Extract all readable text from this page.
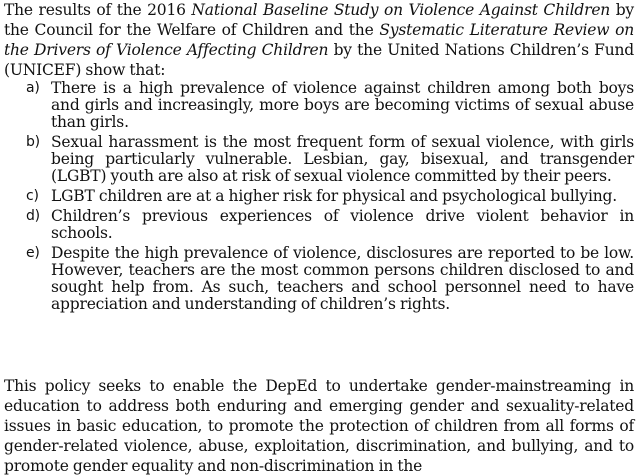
The results of the 2016 National Baseline Study on Violence Against Children by the Council for the Welfare of Children and the Systematic Literature Review on the Drivers of Violence Affecting Children by the United Nations Children’s Fund (UNICEF) show that:

a) There is a high prevalence of violence against children among both boys and girls and increasingly, more boys are becoming victims of sexual abuse than girls.
b) Sexual harassment is the most frequent form of sexual violence, with girls being particularly vulnerable. Lesbian, gay, bisexual, and transgender (LGBT) youth are also at risk of sexual violence committed by their peers.
c) LGBT children are at a higher risk for physical and psychological bullying.
d) Children’s previous experiences of violence drive violent behavior in schools.
e) Despite the high prevalence of violence, disclosures are reported to be low. However, teachers are the most common persons children disclosed to and sought help from. As such, teachers and school personnel need to have appreciation and understanding of children’s rights.

This policy seeks to enable the DepEd to undertake gender-mainstreaming in education to address both enduring and emerging gender and sexuality-related issues in basic education, to promote the protection of children from all forms of gender-related violence, abuse, exploitation, discrimination, and bullying, and to promote gender equality and non-discrimination in the
